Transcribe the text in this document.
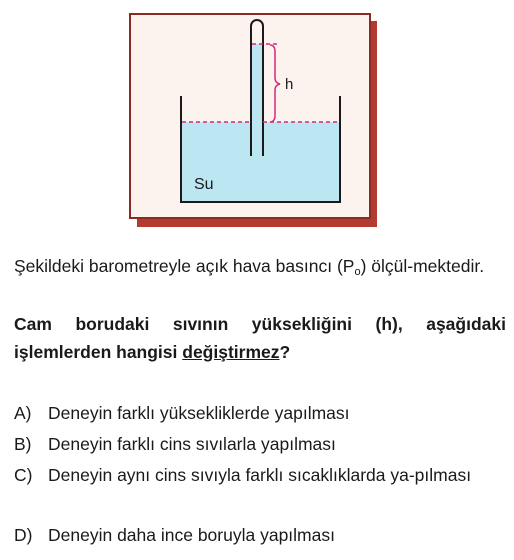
h
Su

Şekildeki barometreyle açık hava basıncı $(P_o)$ ölçül-mektedir.

Cam borudaki sıvının yüksekliğini (h), aşağıdaki işlemlerden hangisi değiştirmez?

A) Deneyin farklı yüksekliklerde yapılması
B) Deneyin farklı cins sıvılarla yapılması
C) Deneyin aynı cins sıvıyla farklı sıcaklıklarda ya-pılması
D) Deneyin daha ince boruyla yapılması
